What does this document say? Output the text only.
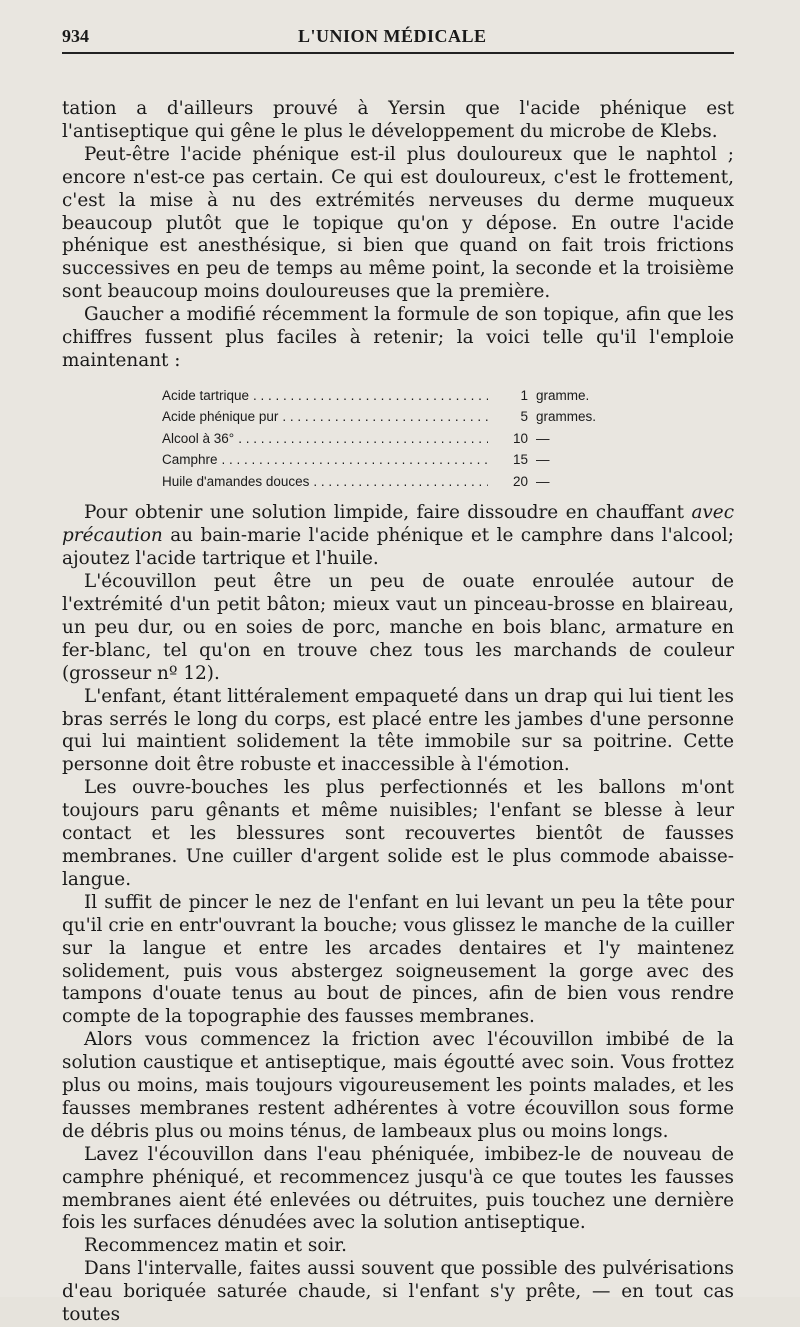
934	L'UNION MÉDICALE

tation a d'ailleurs prouvé à Yersin que l'acide phénique est l'antiseptique qui gêne le plus le développement du microbe de Klebs.

Peut-être l'acide phénique est-il plus douloureux que le naphtol ; encore n'est-ce pas certain. Ce qui est douloureux, c'est le frottement, c'est la mise à nu des extrémités nerveuses du derme muqueux beaucoup plutôt que le topique qu'on y dépose. En outre l'acide phénique est anesthésique, si bien que quand on fait trois frictions successives en peu de temps au même point, la seconde et la troisième sont beaucoup moins douloureuses que la première.

Gaucher a modifié récemment la formule de son topique, afin que les chiffres fussent plus faciles à retenir; la voici telle qu'il l'emploie maintenant :

Acide tartrique . . .	1 gramme.
Acide phénique pur . . .	5 grammes.
Alcool à 36° . . .	10 —
Camphre . . .	15 —
Huile d'amandes douces . . .	20 —

Pour obtenir une solution limpide, faire dissoudre en chauffant avec précaution au bain-marie l'acide phénique et le camphre dans l'alcool; ajoutez l'acide tartrique et l'huile.

L'écouvillon peut être un peu de ouate enroulée autour de l'extrémité d'un petit bâton; mieux vaut un pinceau-brosse en blaireau, un peu dur, ou en soies de porc, manche en bois blanc, armature en fer-blanc, tel qu'on en trouve chez tous les marchands de couleur (grosseur nº 12).

L'enfant, étant littéralement empaqueté dans un drap qui lui tient les bras serrés le long du corps, est placé entre les jambes d'une personne qui lui maintient solidement la tête immobile sur sa poitrine. Cette personne doit être robuste et inaccessible à l'émotion.

Les ouvre-bouches les plus perfectionnés et les ballons m'ont toujours paru gênants et même nuisibles; l'enfant se blesse à leur contact et les blessures sont recouvertes bientôt de fausses membranes. Une cuiller d'argent solide est le plus commode abaisse-langue.

Il suffit de pincer le nez de l'enfant en lui levant un peu la tête pour qu'il crie en entr'ouvrant la bouche; vous glissez le manche de la cuiller sur la langue et entre les arcades dentaires et l'y maintenez solidement, puis vous abstergez soigneusement la gorge avec des tampons d'ouate tenus au bout de pinces, afin de bien vous rendre compte de la topographie des fausses membranes.

Alors vous commencez la friction avec l'écouvillon imbibé de la solution caustique et antiseptique, mais égoutté avec soin. Vous frottez plus ou moins, mais toujours vigoureusement les points malades, et les fausses membranes restent adhérentes à votre écouvillon sous forme de débris plus ou moins ténus, de lambeaux plus ou moins longs.

Lavez l'écouvillon dans l'eau phéniquée, imbibez-le de nouveau de camphre phéniqué, et recommencez jusqu'à ce que toutes les fausses membranes aient été enlevées ou détruites, puis touchez une dernière fois les surfaces dénudées avec la solution antiseptique.

Recommencez matin et soir.

Dans l'intervalle, faites aussi souvent que possible des pulvérisations d'eau boriquée saturée chaude, si l'enfant s'y prête, — en tout cas toutes
